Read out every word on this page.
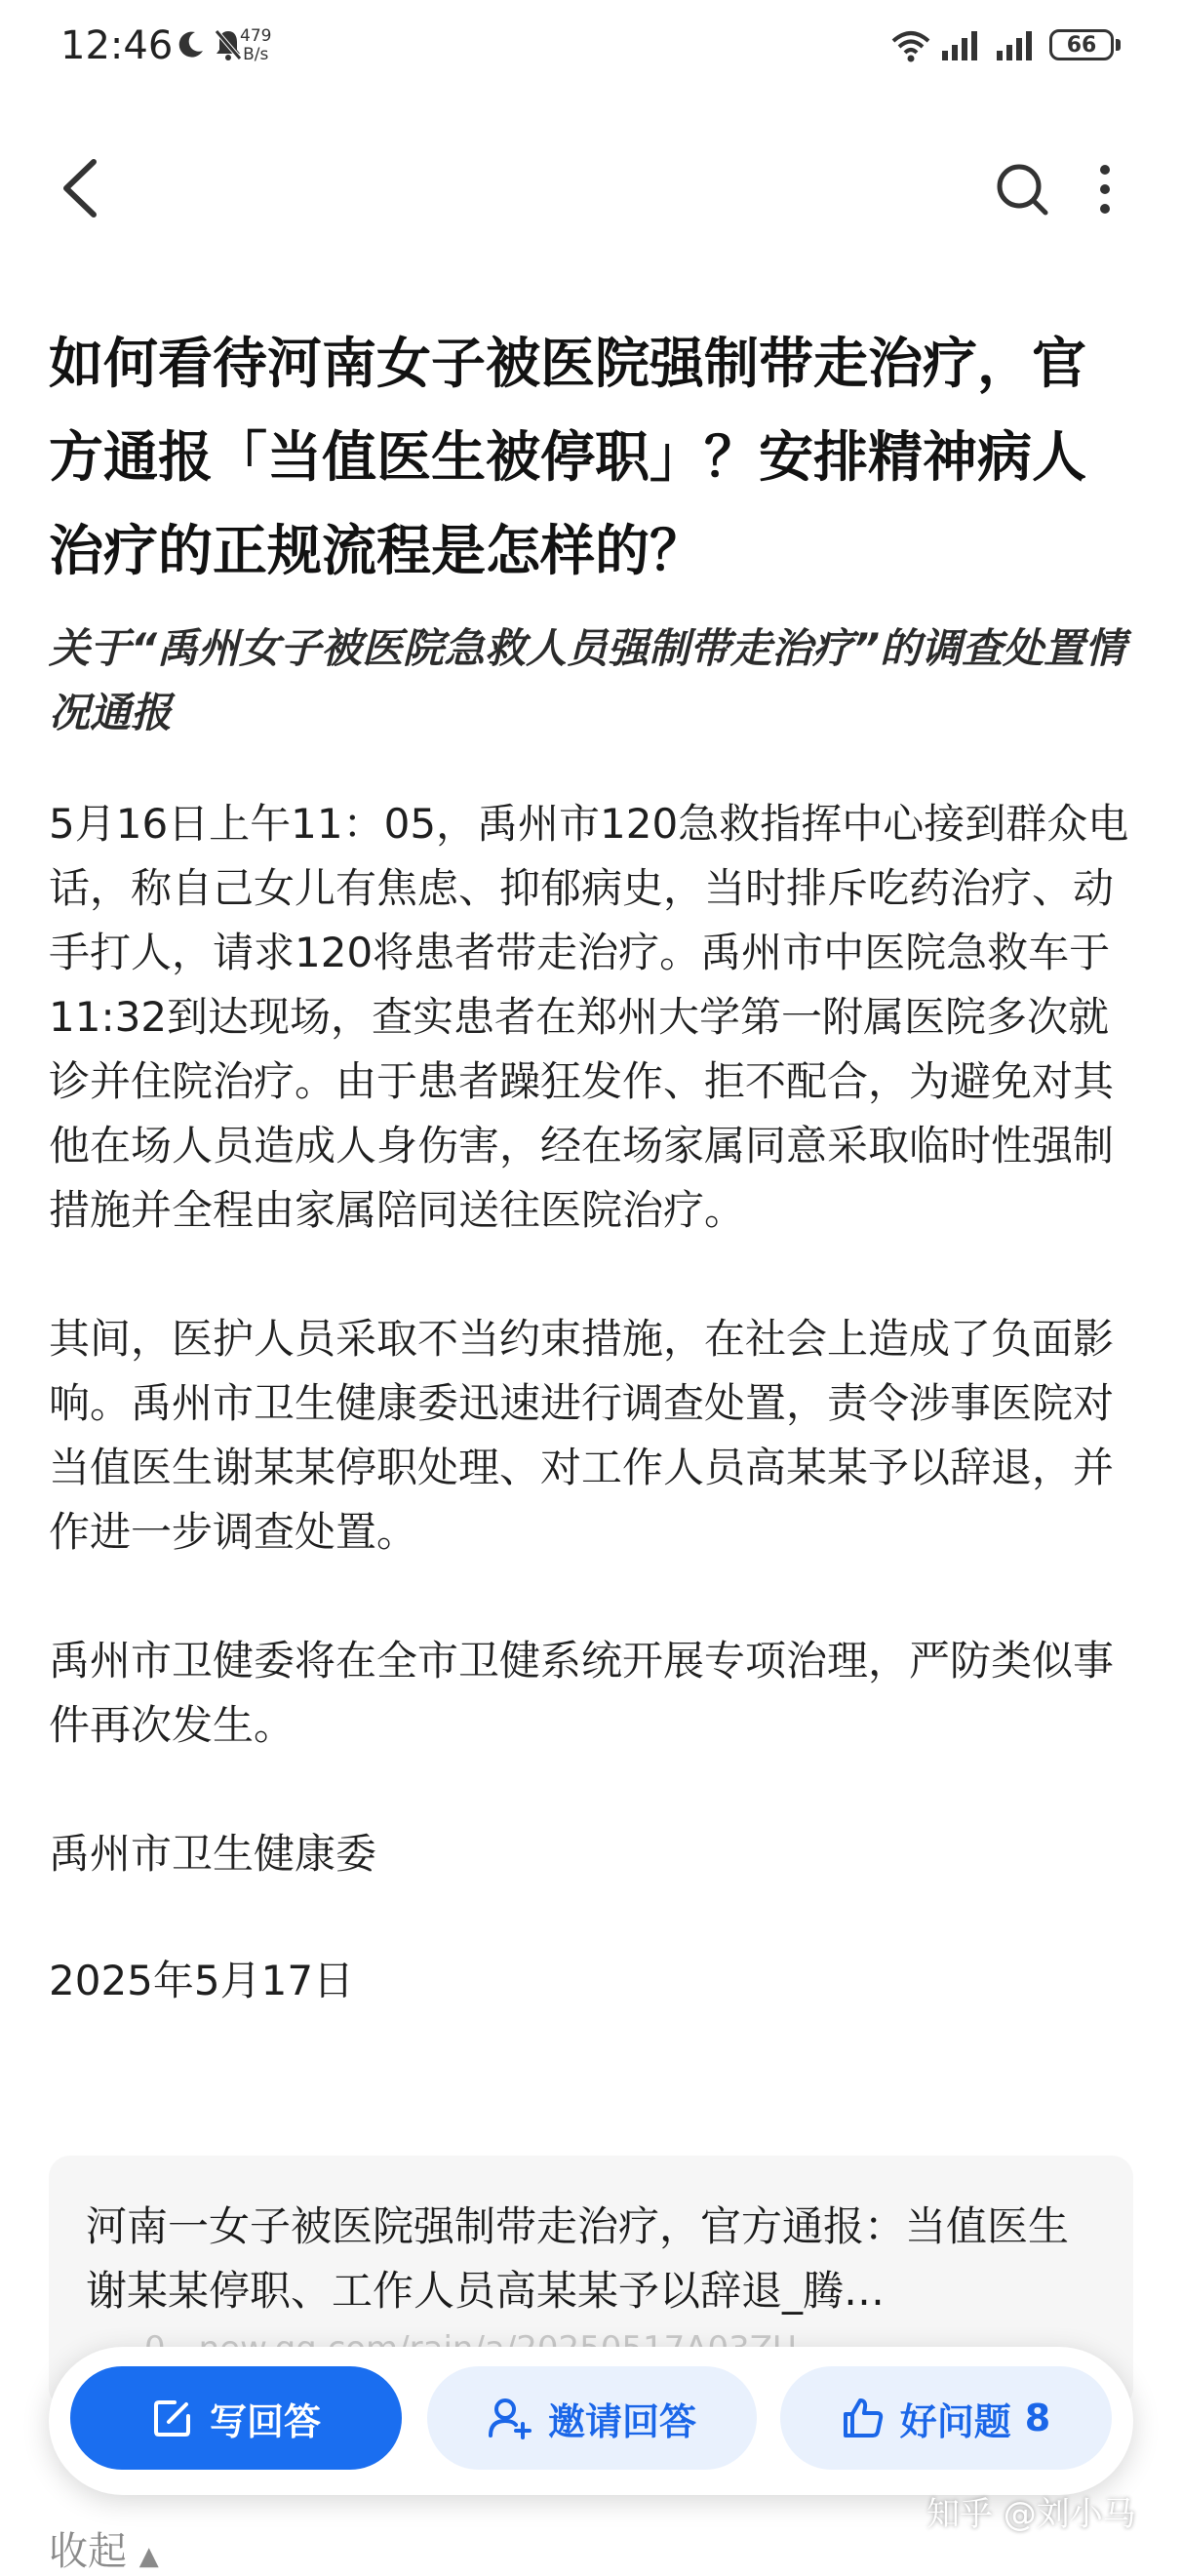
12:46	479
B/s	66
如何看待河南女子被医院强制带走治疗，官方通报「当值医生被停职」？安排精神病人治疗的正规流程是怎样的？

关于“禹州女子被医院急救人员强制带走治疗”的调查处置情况通报

5月16日上午11：05，禹州市120急救指挥中心接到群众电话，称自己女儿有焦虑、抑郁病史，当时排斥吃药治疗、动手打人，请求120将患者带走治疗。禹州市中医院急救车于11:32到达现场，查实患者在郑州大学第一附属医院多次就诊并住院治疗。由于患者躁狂发作、拒不配合，为避免对其他在场人员造成人身伤害，经在场家属同意采取临时性强制措施并全程由家属陪同送往医院治疗。

其间，医护人员采取不当约束措施，在社会上造成了负面影响。禹州市卫生健康委迅速进行调查处置，责令涉事医院对当值医生谢某某停职处理、对工作人员高某某予以辞退，并作进一步调查处置。

禹州市卫健委将在全市卫健系统开展专项治理，严防类似事件再次发生。

禹州市卫生健康委

2025年5月17日

河南一女子被医院强制带走治疗，官方通报：当值医生谢某某停职、工作人员高某某予以辞退_腾…
写回答	邀请回答	好问题 8
收起 ▲
知乎 @刘小马
